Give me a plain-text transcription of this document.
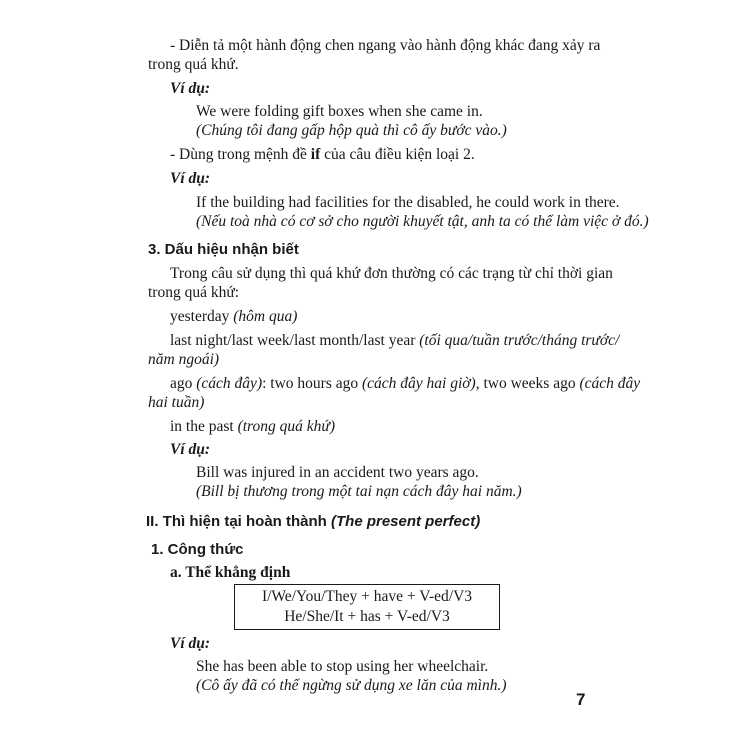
- Diễn tả một hành động chen ngang vào hành động khác đang xảy ra
trong quá khứ.
Ví dụ:
We were folding gift boxes when she came in.
(Chúng tôi đang gấp hộp quà thì cô ấy bước vào.)
- Dùng trong mệnh đề if của câu điều kiện loại 2.
Ví dụ:
If the building had facilities for the disabled, he could work in there.
(Nếu toà nhà có cơ sở cho người khuyết tật, anh ta có thể làm việc ở đó.)
3. Dấu hiệu nhận biết
Trong câu sử dụng thì quá khứ đơn thường có các trạng từ chỉ thời gian
trong quá khứ:
yesterday (hôm qua)
last night/last week/last month/last year (tối qua/tuần trước/tháng trước/
năm ngoái)
ago (cách đây): two hours ago (cách đây hai giờ), two weeks ago (cách đây
hai tuần)
in the past (trong quá khứ)
Ví dụ:
Bill was injured in an accident two years ago.
(Bill bị thương trong một tai nạn cách đây hai năm.)
II. Thì hiện tại hoàn thành (The present perfect)
1. Công thức
a. Thể khẳng định
I/We/You/They + have + V-ed/V3
He/She/It + has + V-ed/V3
Ví dụ:
She has been able to stop using her wheelchair.
(Cô ấy đã có thể ngừng sử dụng xe lăn của mình.)
7
